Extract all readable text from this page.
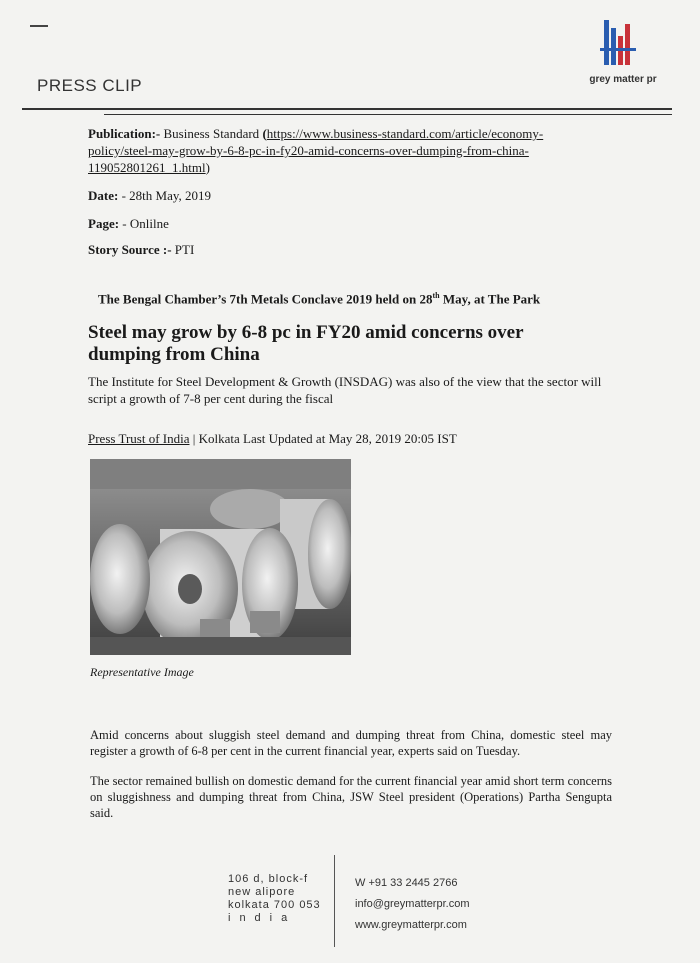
PRESS CLIP	grey matter pr
Publication:- Business Standard (https://www.business-standard.com/article/economy-
policy/steel-may-grow-by-6-8-pc-in-fy20-amid-concerns-over-dumping-from-china-
119052801261_1.html)
Date: - 28th May, 2019
Page: - Onlilne
Story Source :- PTI
The Bengal Chamber’s 7th Metals Conclave 2019 held on 28th May, at The Park
Steel may grow by 6-8 pc in FY20 amid concerns over dumping from China
The Institute for Steel Development & Growth (INSDAG) was also of the view that the sector will script a growth of 7-8 per cent during the fiscal
Press Trust of India | Kolkata Last Updated at May 28, 2019 20:05 IST
Representative Image
Amid concerns about sluggish steel demand and dumping threat from China, domestic steel may register a growth of 6-8 per cent in the current financial year, experts said on Tuesday.
The sector remained bullish on domestic demand for the current financial year amid short term concerns on sluggishness and dumping threat from China, JSW Steel president (Operations) Partha Sengupta said.
106 d, block-f
new alipore
kolkata 700 053
india
W +91 33 2445 2766
info@greymatterpr.com
www.greymatterpr.com
